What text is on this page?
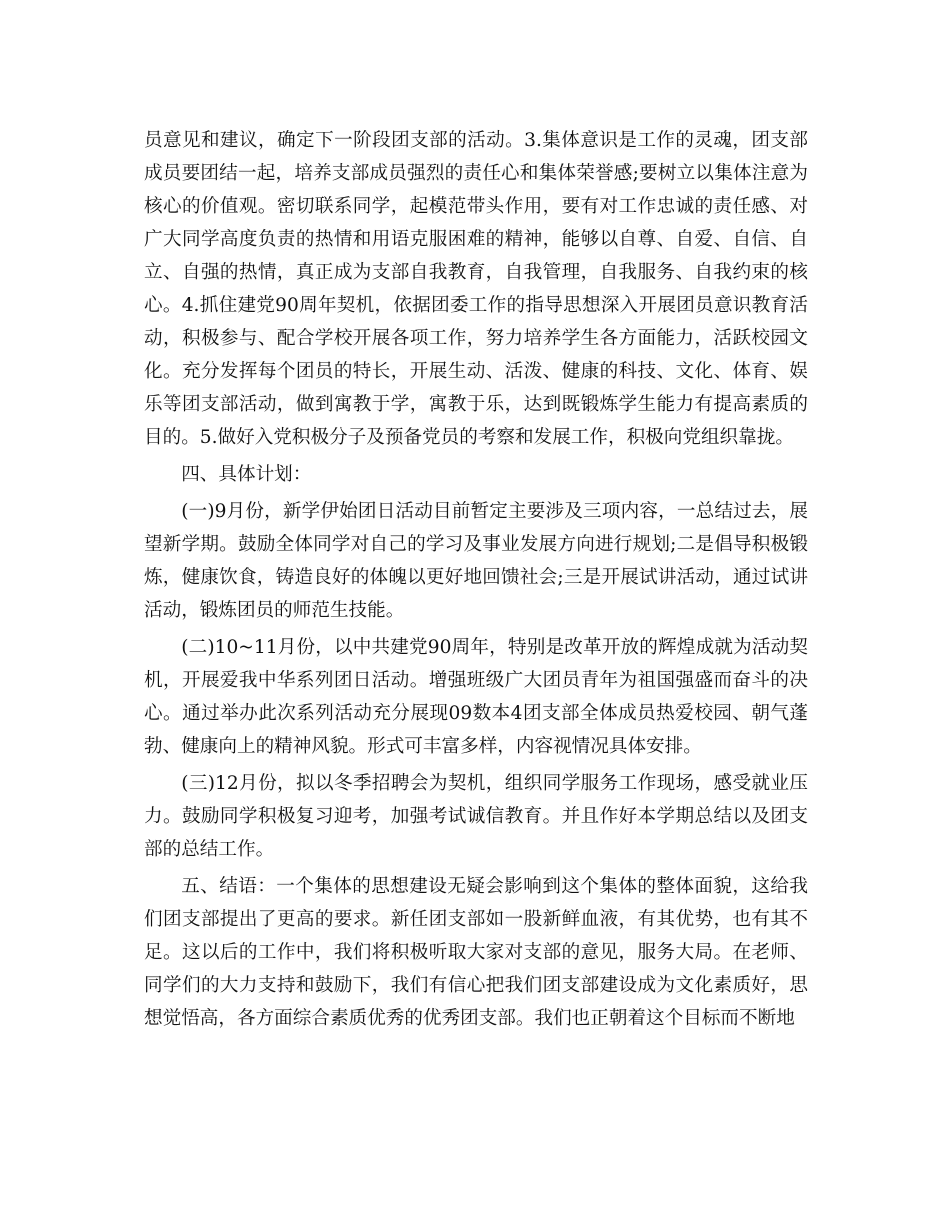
员意见和建议，确定下一阶段团支部的活动。3.集体意识是工作的灵魂，团支部成员要团结一起，培养支部成员强烈的责任心和集体荣誉感;要树立以集体注意为核心的价值观。密切联系同学，起模范带头作用，要有对工作忠诚的责任感、对广大同学高度负责的热情和用语克服困难的精神，能够以自尊、自爱、自信、自立、自强的热情，真正成为支部自我教育，自我管理，自我服务、自我约束的核心。4.抓住建党90周年契机，依据团委工作的指导思想深入开展团员意识教育活动，积极参与、配合学校开展各项工作，努力培养学生各方面能力，活跃校园文化。充分发挥每个团员的特长，开展生动、活泼、健康的科技、文化、体育、娱乐等团支部活动，做到寓教于学，寓教于乐，达到既锻炼学生能力有提高素质的目的。5.做好入党积极分子及预备党员的考察和发展工作，积极向党组织靠拢。

四、具体计划：

(一)9月份，新学伊始团日活动目前暂定主要涉及三项内容，一总结过去，展望新学期。鼓励全体同学对自己的学习及事业发展方向进行规划;二是倡导积极锻炼，健康饮食，铸造良好的体魄以更好地回馈社会;三是开展试讲活动，通过试讲活动，锻炼团员的师范生技能。

(二)10~11月份，以中共建党90周年，特别是改革开放的辉煌成就为活动契机，开展爱我中华系列团日活动。增强班级广大团员青年为祖国强盛而奋斗的决心。通过举办此次系列活动充分展现09数本4团支部全体成员热爱校园、朝气蓬勃、健康向上的精神风貌。形式可丰富多样，内容视情况具体安排。

(三)12月份，拟以冬季招聘会为契机，组织同学服务工作现场，感受就业压力。鼓励同学积极复习迎考，加强考试诚信教育。并且作好本学期总结以及团支部的总结工作。

五、结语：一个集体的思想建设无疑会影响到这个集体的整体面貌，这给我们团支部提出了更高的要求。新任团支部如一股新鲜血液，有其优势，也有其不足。这以后的工作中，我们将积极听取大家对支部的意见，服务大局。在老师、同学们的大力支持和鼓励下，我们有信心把我们团支部建设成为文化素质好，思想觉悟高，各方面综合素质优秀的优秀团支部。我们也正朝着这个目标而不断地
